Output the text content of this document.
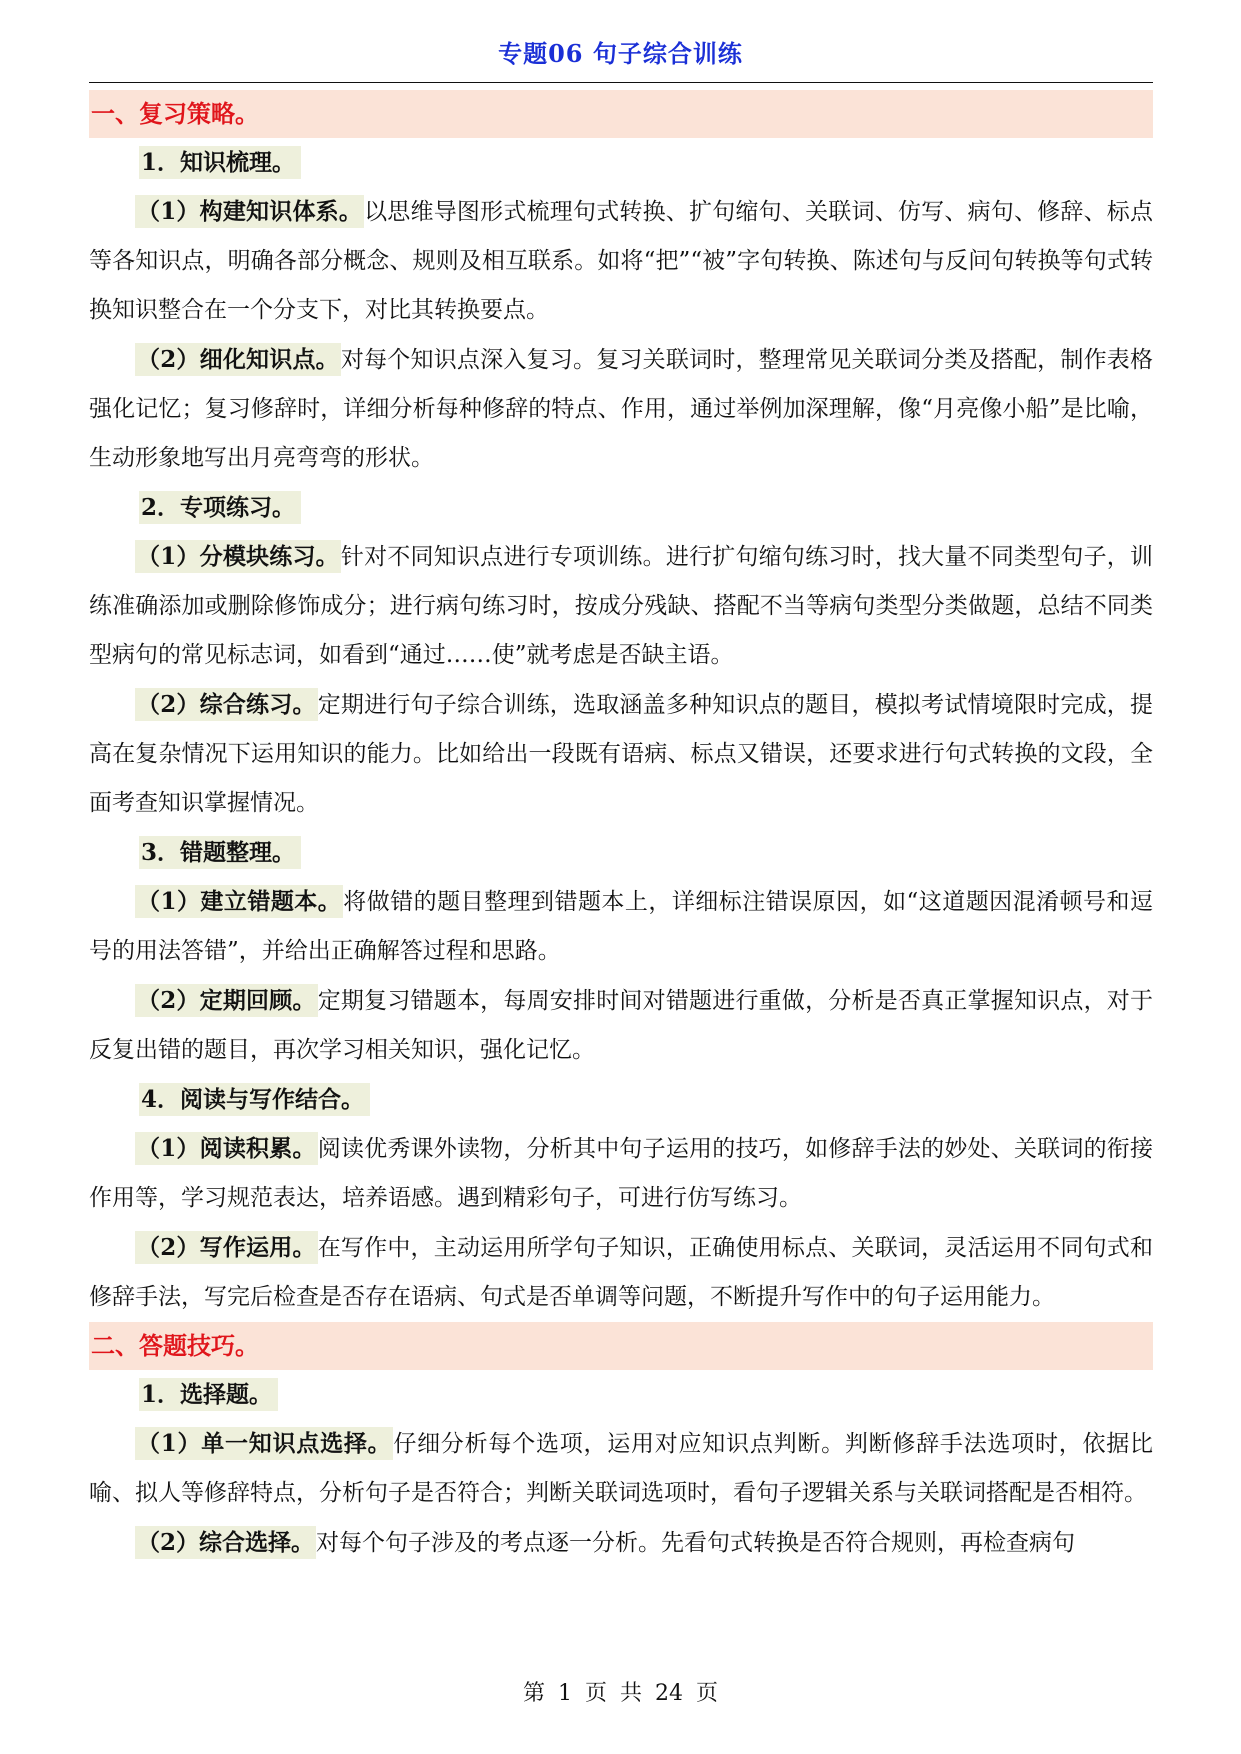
专题06 句子综合训练
一、复习策略。
1．知识梳理。

（1）构建知识体系。以思维导图形式梳理句式转换、扩句缩句、关联词、仿写、病句、修辞、标点等各知识点，明确各部分概念、规则及相互联系。如将“把”“被”字句转换、陈述句与反问句转换等句式转换知识整合在一个分支下，对比其转换要点。

（2）细化知识点。对每个知识点深入复习。复习关联词时，整理常见关联词分类及搭配，制作表格强化记忆；复习修辞时，详细分析每种修辞的特点、作用，通过举例加深理解，像“月亮像小船”是比喻，生动形象地写出月亮弯弯的形状。

2．专项练习。

（1）分模块练习。针对不同知识点进行专项训练。进行扩句缩句练习时，找大量不同类型句子，训练准确添加或删除修饰成分；进行病句练习时，按成分残缺、搭配不当等病句类型分类做题，总结不同类型病句的常见标志词，如看到“通过……使”就考虑是否缺主语。

（2）综合练习。定期进行句子综合训练，选取涵盖多种知识点的题目，模拟考试情境限时完成，提高在复杂情况下运用知识的能力。比如给出一段既有语病、标点又错误，还要求进行句式转换的文段，全面考查知识掌握情况。

3．错题整理。

（1）建立错题本。将做错的题目整理到错题本上，详细标注错误原因，如“这道题因混淆顿号和逗号的用法答错”，并给出正确解答过程和思路。

（2）定期回顾。定期复习错题本，每周安排时间对错题进行重做，分析是否真正掌握知识点，对于反复出错的题目，再次学习相关知识，强化记忆。

4．阅读与写作结合。

（1）阅读积累。阅读优秀课外读物，分析其中句子运用的技巧，如修辞手法的妙处、关联词的衔接作用等，学习规范表达，培养语感。遇到精彩句子，可进行仿写练习。

（2）写作运用。在写作中，主动运用所学句子知识，正确使用标点、关联词，灵活运用不同句式和修辞手法，写完后检查是否存在语病、句式是否单调等问题，不断提升写作中的句子运用能力。

二、答题技巧。
1．选择题。

（1）单一知识点选择。仔细分析每个选项，运用对应知识点判断。判断修辞手法选项时，依据比喻、拟人等修辞特点，分析句子是否符合；判断关联词选项时，看句子逻辑关系与关联词搭配是否相符。

（2）综合选择。对每个句子涉及的考点逐一分析。先看句式转换是否符合规则，再检查病句

第 1 页 共 24 页
